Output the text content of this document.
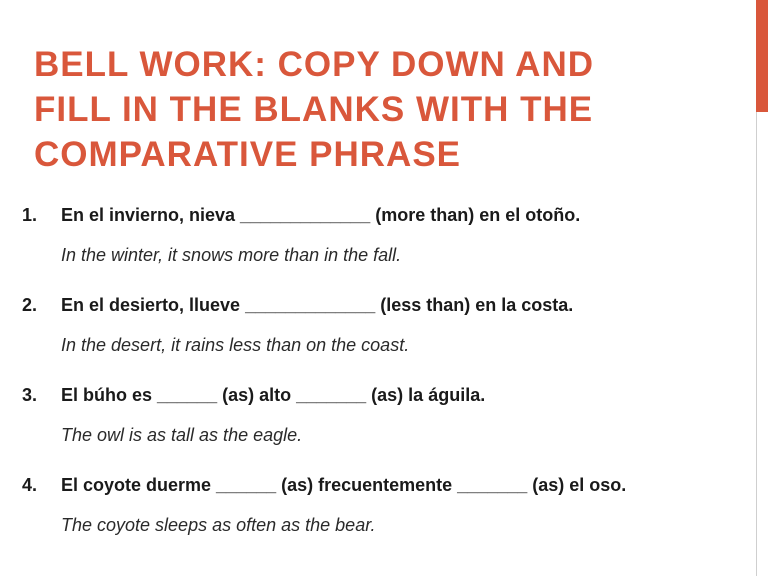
BELL WORK: COPY DOWN AND
FILL IN THE BLANKS WITH THE
COMPARATIVE PHRASE
1. En el invierno, nieva _____________ (more than) en el otoño.
In the winter, it snows more than in the fall.
2. En el desierto, llueve _____________ (less than) en la costa.
In the desert, it rains less than on the coast.
3. El búho es ______ (as) alto _______ (as) la águila.
The owl is as tall as the eagle.
4. El coyote duerme ______ (as) frecuentemente _______ (as) el oso.
The coyote sleeps as often as the bear.
